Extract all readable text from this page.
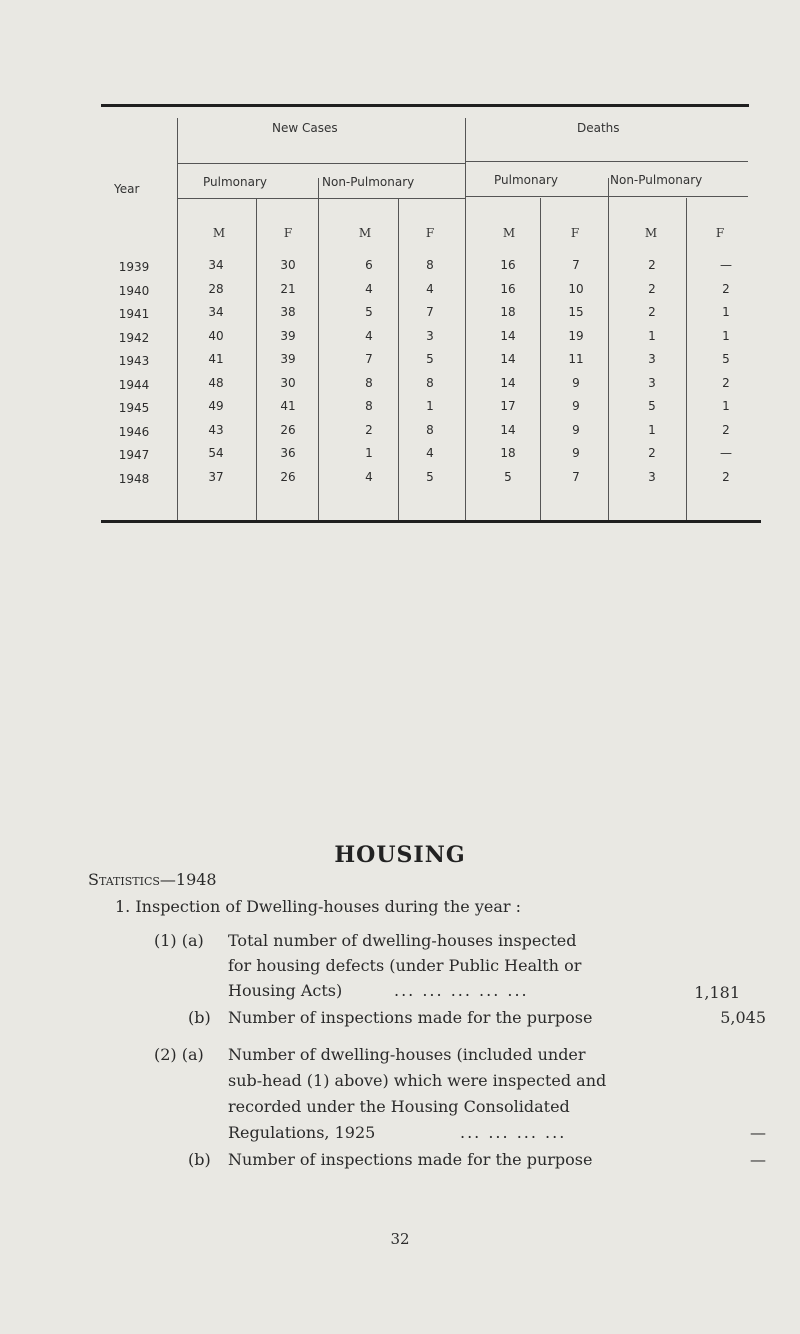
Year
New Cases	Deaths
Pulmonary	Non-Pulmonary	Pulmonary	Non-Pulmonary
M	F	M	F	M	F	M	F
1939	34	30	6	8	16	7	2	—
1940	28	21	4	4	16	10	2	2
1941	34	38	5	7	18	15	2	1
1942	40	39	4	3	14	19	1	1
1943	41	39	7	5	14	11	3	5
1944	48	30	8	8	14	9	3	2
1945	49	41	8	1	17	9	5	1
1946	43	26	2	8	14	9	1	2
1947	54	36	1	4	18	9	2	—
1948	37	26	4	5	5	7	3	2
HOUSING
Statistics—1948
1. Inspection of Dwelling-houses during the year :
(1) (a) Total number of dwelling-houses inspected
for housing defects (under Public Health or
Housing Acts)	... ... ... ... ...	1,181
(b) Number of inspections made for the purpose	5,045
(2) (a) Number of dwelling-houses (included under
sub-head (1) above) which were inspected and
recorded under the Housing Consolidated
Regulations, 1925	... ... ... ...	—
(b) Number of inspections made for the purpose	—
32
